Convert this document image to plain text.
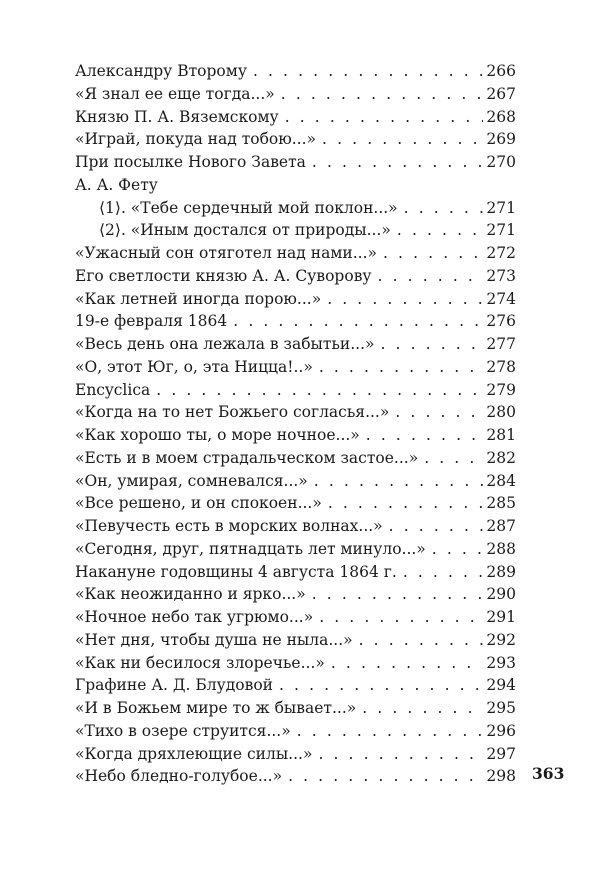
Александру Второму . . .	266
«Я знал ее еще тогда...» . . .	267
Князю П. А. Вяземскому . . .	268
«Играй, покуда над тобою...» . . .	269
При посылке Нового Завета . . .	270
А. А. Фету
⟨1⟩. «Тебе сердечный мой поклон...» . . .	271
⟨2⟩. «Иным достался от природы...» . . .	271
«Ужасный сон отяготел над нами...» . . .	272
Его светлости князю А. А. Суворову . . .	273
«Как летней иногда порою...» . . .	274
19-е февраля 1864 . . .	276
«Весь день она лежала в забытьи...» . . .	277
«О, этот Юг, о, эта Ницца!..» . . .	278
Encyclica . . .	279
«Когда на то нет Божьего согласья...» . . .	280
«Как хорошо ты, о море ночное...» . . .	281
«Есть и в моем страдальческом застое...» . . .	282
«Он, умирая, сомневался...» . . .	284
«Все решено, и он спокоен...» . . .	285
«Певучесть есть в морских волнах...» . . .	287
«Сегодня, друг, пятнадцать лет минуло...» . . .	288
Накануне годовщины 4 августа 1864 г. . . .	289
«Как неожиданно и ярко...» . . .	290
«Ночное небо так угрюмо...» . . .	291
«Нет дня, чтобы душа не ныла...» . . .	292
«Как ни бесилося злоречье...» . . .	293
Графине А. Д. Блудовой . . .	294
«И в Божьем мире то ж бывает...» . . .	295
«Тихо в озере струится...» . . .	296
«Когда дряхлеющие силы...» . . .	297
«Небо бледно-голубое...» . . .	298 363
